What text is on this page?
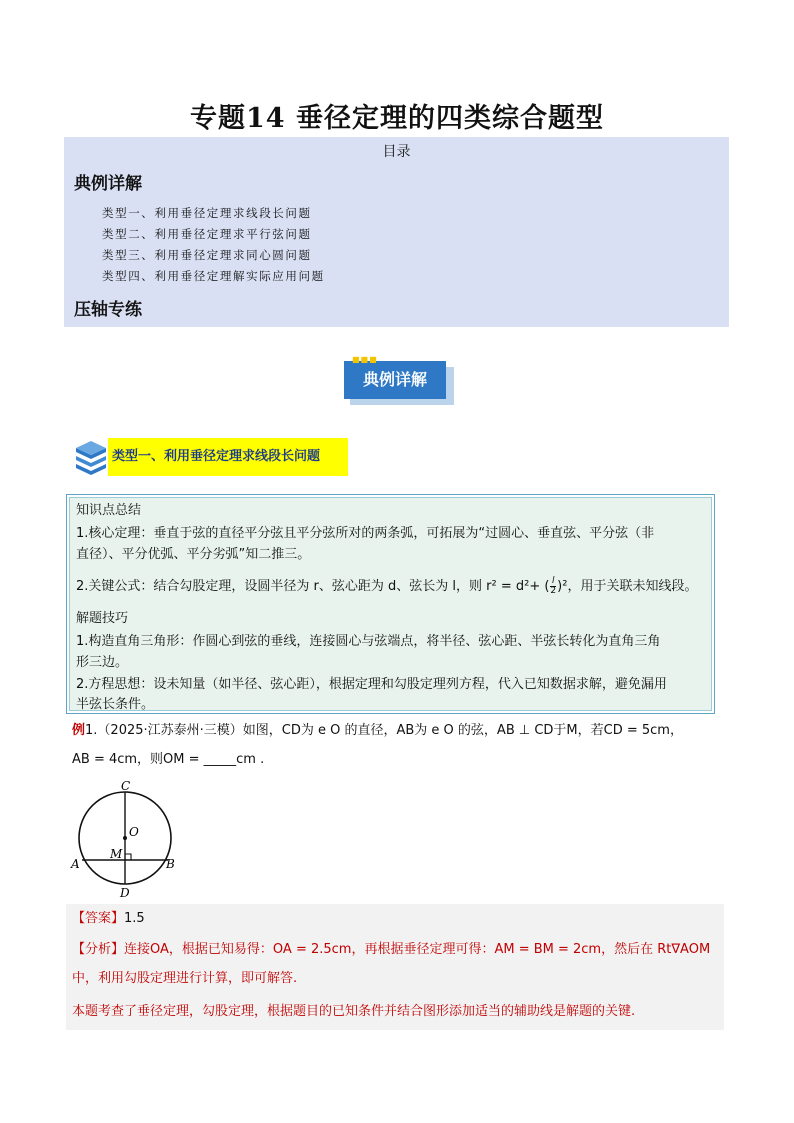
专题14 垂径定理的四类综合题型
目录
典例详解
类型一、利用垂径定理求线段长问题
类型二、利用垂径定理求平行弦问题
类型三、利用垂径定理求同心圆问题
类型四、利用垂径定理解实际应用问题
压轴专练
典例详解
■■■
类型一、利用垂径定理求线段长问题
知识点总结
1.核心定理：垂直于弦的直径平分弦且平分弦所对的两条弧，可拓展为“过圆心、垂直弦、平分弦（非
直径）、平分优弧、平分劣弧”知二推三。
2.关键公式：结合勾股定理，设圆半径为 r、弦心距为 d、弦长为 l，则 r² = d²+ ( $\frac{l}{2} )^2$，用于关联未知线段。
解题技巧
1.构造直角三角形：作圆心到弦的垂线，连接圆心与弦端点，将半径、弦心距、半弦长转化为直角三角
形三边。
2.方程思想：设未知量（如半径、弦心距），根据定理和勾股定理列方程，代入已知数据求解，避免漏用
半弦长条件。
例1.（2025·江苏泰州·三模）如图，CD为 e O 的直径，AB为 e O 的弦，AB ⊥ CD于M，若CD = 5cm，
AB = 4cm，则OM = _____cm .
C
O
M
A	B
D
【答案】1.5
【分析】连接OA，根据已知易得：OA = 2.5cm，再根据垂径定理可得：AM = BM = 2cm，然后在 Rt∇AOM
中，利用勾股定理进行计算，即可解答.
本题考查了垂径定理，勾股定理，根据题目的已知条件并结合图形添加适当的辅助线是解题的关键.
